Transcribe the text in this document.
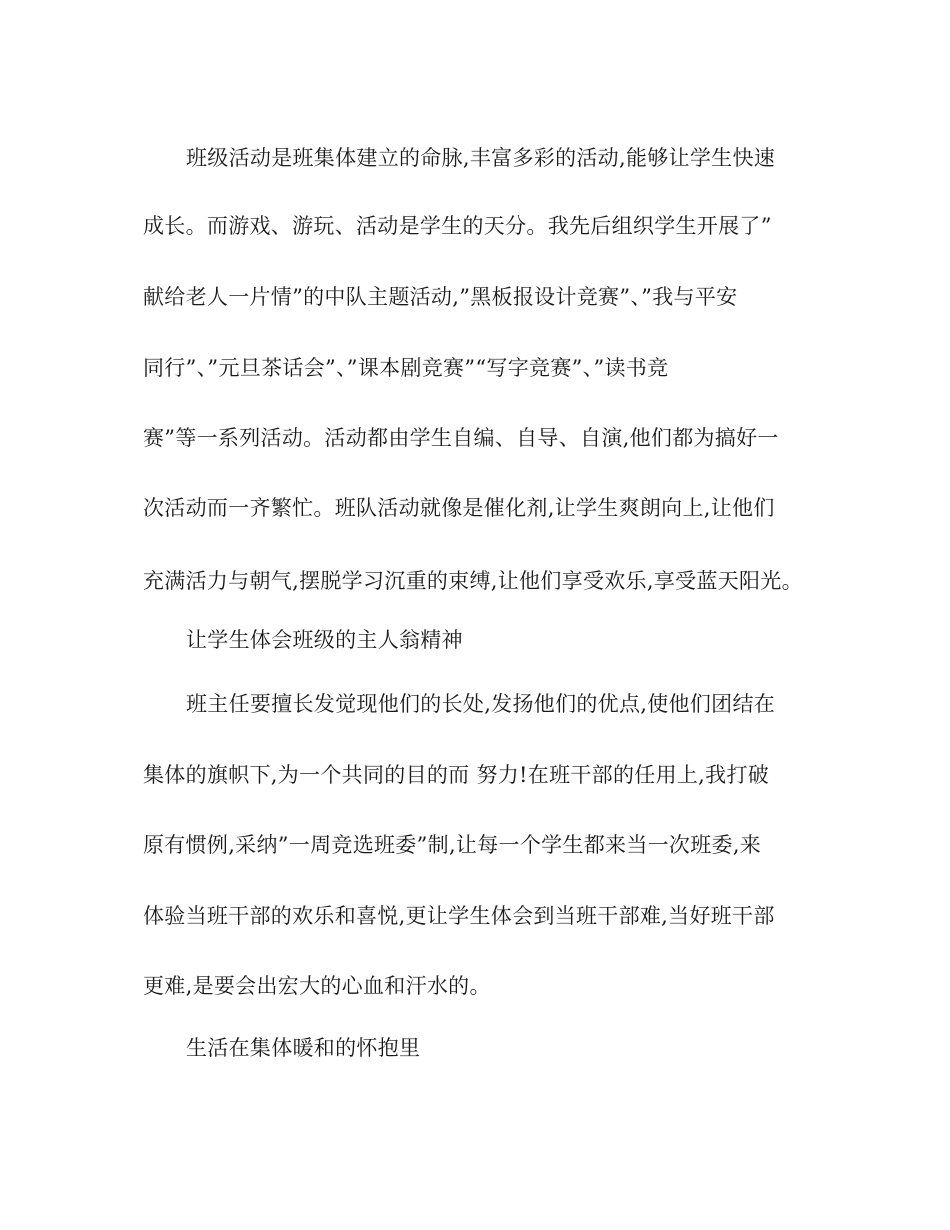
班级活动是班集体建立的命脉,丰富多彩的活动,能够让学生快速
成长。而游戏、游玩、活动是学生的天分。我先后组织学生开展了”
献给老人一片情”的中队主题活动,”黑板报设计竞赛”、”我与平安
同行”、”元旦茶话会”、”课本剧竞赛”“写字竞赛”、”读书竞
赛”等一系列活动。活动都由学生自编、自导、自演,他们都为搞好一
次活动而一齐繁忙。班队活动就像是催化剂,让学生爽朗向上,让他们
充满活力与朝气,摆脱学习沉重的束缚,让他们享受欢乐,享受蓝天阳光。
让学生体会班级的主人翁精神
班主任要擅长发觉现他们的长处,发扬他们的优点,使他们团结在
集体的旗帜下,为一个共同的目的而 努力!在班干部的任用上,我打破
原有惯例,采纳”一周竞选班委”制,让每一个学生都来当一次班委,来
体验当班干部的欢乐和喜悦,更让学生体会到当班干部难,当好班干部
更难,是要会出宏大的心血和汗水的。
生活在集体暖和的怀抱里
